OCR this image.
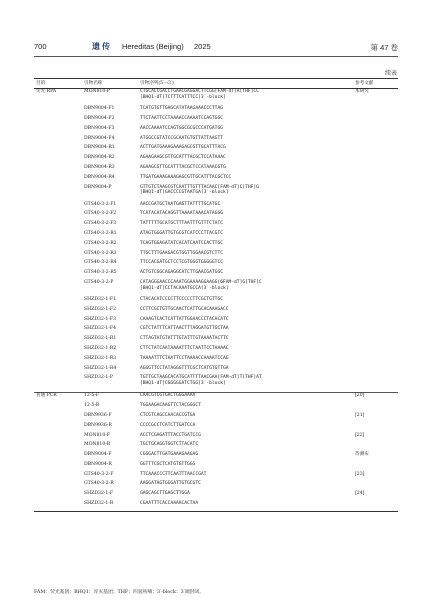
700	遗传 Hereditas (Beijing) 2025	第 47 卷
续表
目的	引物名称	引物序列(5′→3′)	参考文献
荧光 RPA	MON810-P	CTGCACCGACCTGAACGAGGACTTCGG[FAM-dT]A[THF]CC
[BHQ1-dT]TCTTTCATTTCC[3′-block]	本研究
	DBN9004-F1	TCATGTGTTGAGCATATAAGAAACCCTTAG	
	DBN9004-F2	TTCTAATTCCTAAAACCAAAATCCAGTGGC	
	DBN9004-F3	AACCAAAATCCAGTGGCGCGCCCATGATGG	
	DBN9004-F4	ATGGCCGTATCCGCAATGTGTTATTAAGTT	
	DBN9004-R1	ACTTGATGAAAGAAAGAGCGTTGCATTTACG	
	DBN9004-R2	AGAAGAAGCGTTGCATTTACGCTCCATAAAC	
	DBN9004-R3	AGAAGCGTTGCATTTACGCTCCATAAACGTG	
	DBN9004-R4	TTGATGAAAGAAAGAGCGTTGCATTTACGCTCC	
	DBN9004-P	GTTGTCTAAGCGTCAATTTGTTTACAAC[FAM-dT]C[THF]G
[BHQ1-dT]GACCCCGTAATGA[3′-block]	
	GTS40-3-2-F1	AACCGATGCTAATGAGTTATTTTGCATGC	
	GTS40-3-2-F2	TCATACATACAGGTTAAAATAAACATAGGG	
	GTS40-3-2-F3	TATTTTTGCATGCTTTAATTTGTTTCTATC	
	GTS40-3-2-R1	ATAGTGGGATTGTGCGTCATCCCTTACGTC	
	GTS40-3-2-R2	TCAGTGGAGATATCACATCAATCCACTTGC	
	GTS40-3-2-R3	TTGCTTTGAAGACGTGGTTGGAACGTCTTC	
	GTS40-3-2-R4	TTCCACGATGCTCCTCGTGGGTGGGGGTCC	
	GTS40-3-2-R5	ACTGTCGGCAGAGGCATCTTGAACGATGGC	
	GTS40-3-2-P	CATAGGGAACCCAAATGGAAAAGGAAGG[6FAM-dT]G[THF]C
[BHQ1-dT]CCTACAAATGCCA[3′-block]	
	SHZD32-1-F1	CTACACATCCCCTTCCCCCTTCGCTGTTGC	
	SHZD32-1-F2	CCTTCGCTGTTGCAACTCATTGCACAAAGACC	
	SHZD32-1-F3	CAAAGTCACTCATTATTGGAACCCTACACATC	
	SHZD32-1-F4	CGTCTATTTCATTAACTTTAGGATGTTGCTAA	
	SHZD32-1-R1	CTTAGTATGTATTTGTATTTGTAAAATACTTC	
	SHZD32-1-R2	CTTCTATCAATAAAATTTCTAATTCCTAAAAC	
	SHZD32-1-R3	TAAAATTTCTAATTCCTAAAACCAAAATCCAG	
	SHZD32-1-R4	AGGGTTCCTATAGGGTTTCGCTCATGTGTTGA	
	SHZD32-1-P	TGTTGCTAAGCACATGCATTTTAACGAA[FAM-dT]T[THF]AT
[BHQ1-dT]CGGGGGATCTGG[3′-block]	
普通 PCR	12-5-F	CAACGTCGTGACTGGGAAAA	[20]
	12-5-R	TGGAAGACAAGTTCTACGGGCT	
	DBN9936-F	CTCGTCAGCCAACACCGTGA	[21]
	DBN9936-R	CCCCGCCTCATCTTGATCCA	
	MON810-F	ACCTCGAGATTTACCTGATCCG	[22]
	MON810-R	TGCTGCAGGTGGTCTTACATC	
	DBN9004-F	CGGGACTTGATGAAAGAAGAG	待测布
	DBN9004-R	GGTTTCGCTCATGTGTTGGG	
	GTS40-3-2-F	TTCAAACCCTTCAATTTAACCGAT	[23]
	GTS40-3-2-R	AAGGATAGTGGGATTGTGCGTC	
	SHZD32-1-F	GAGCAGCTTGAGCTTGGA	[24]
	SHZD32-1-R	CGAATTTCACCAAAACACTAA	
FAM：荧光基团；BHQ1：淬灭基团；THF：四氢呋喃；3′-block：3′端封闭。
